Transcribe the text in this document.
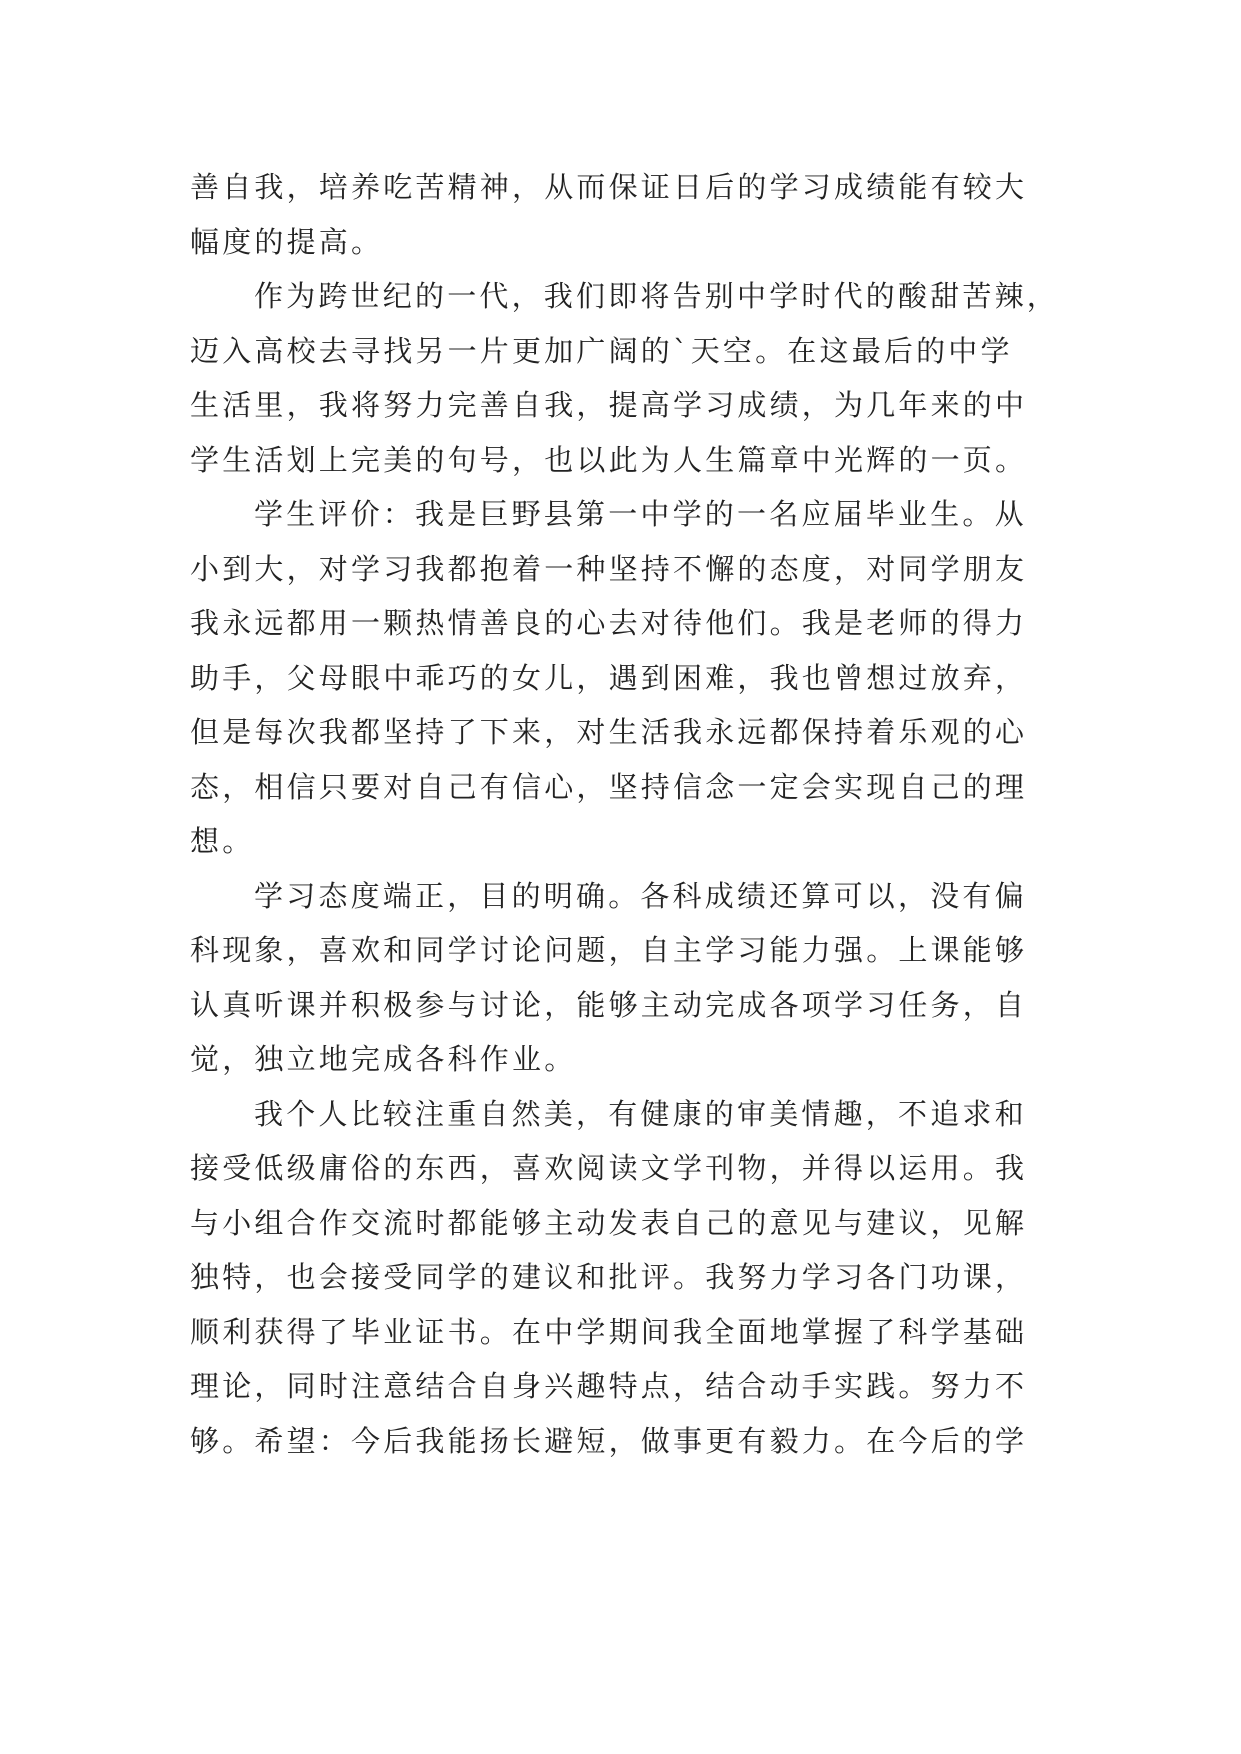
善自我，培养吃苦精神，从而保证日后的学习成绩能有较大
幅度的提高。
作为跨世纪的一代，我们即将告别中学时代的酸甜苦辣，
迈入高校去寻找另一片更加广阔的`天空。在这最后的中学
生活里，我将努力完善自我，提高学习成绩，为几年来的中
学生活划上完美的句号，也以此为人生篇章中光辉的一页。
学生评价：我是巨野县第一中学的一名应届毕业生。从
小到大，对学习我都抱着一种坚持不懈的态度，对同学朋友
我永远都用一颗热情善良的心去对待他们。我是老师的得力
助手，父母眼中乖巧的女儿，遇到困难，我也曾想过放弃，
但是每次我都坚持了下来，对生活我永远都保持着乐观的心
态，相信只要对自己有信心，坚持信念一定会实现自己的理
想。
学习态度端正，目的明确。各科成绩还算可以，没有偏
科现象，喜欢和同学讨论问题，自主学习能力强。上课能够
认真听课并积极参与讨论，能够主动完成各项学习任务，自
觉，独立地完成各科作业。
我个人比较注重自然美，有健康的审美情趣，不追求和
接受低级庸俗的东西，喜欢阅读文学刊物，并得以运用。我
与小组合作交流时都能够主动发表自己的意见与建议，见解
独特，也会接受同学的建议和批评。我努力学习各门功课，
顺利获得了毕业证书。在中学期间我全面地掌握了科学基础
理论，同时注意结合自身兴趣特点，结合动手实践。努力不
够。希望：今后我能扬长避短，做事更有毅力。在今后的学
